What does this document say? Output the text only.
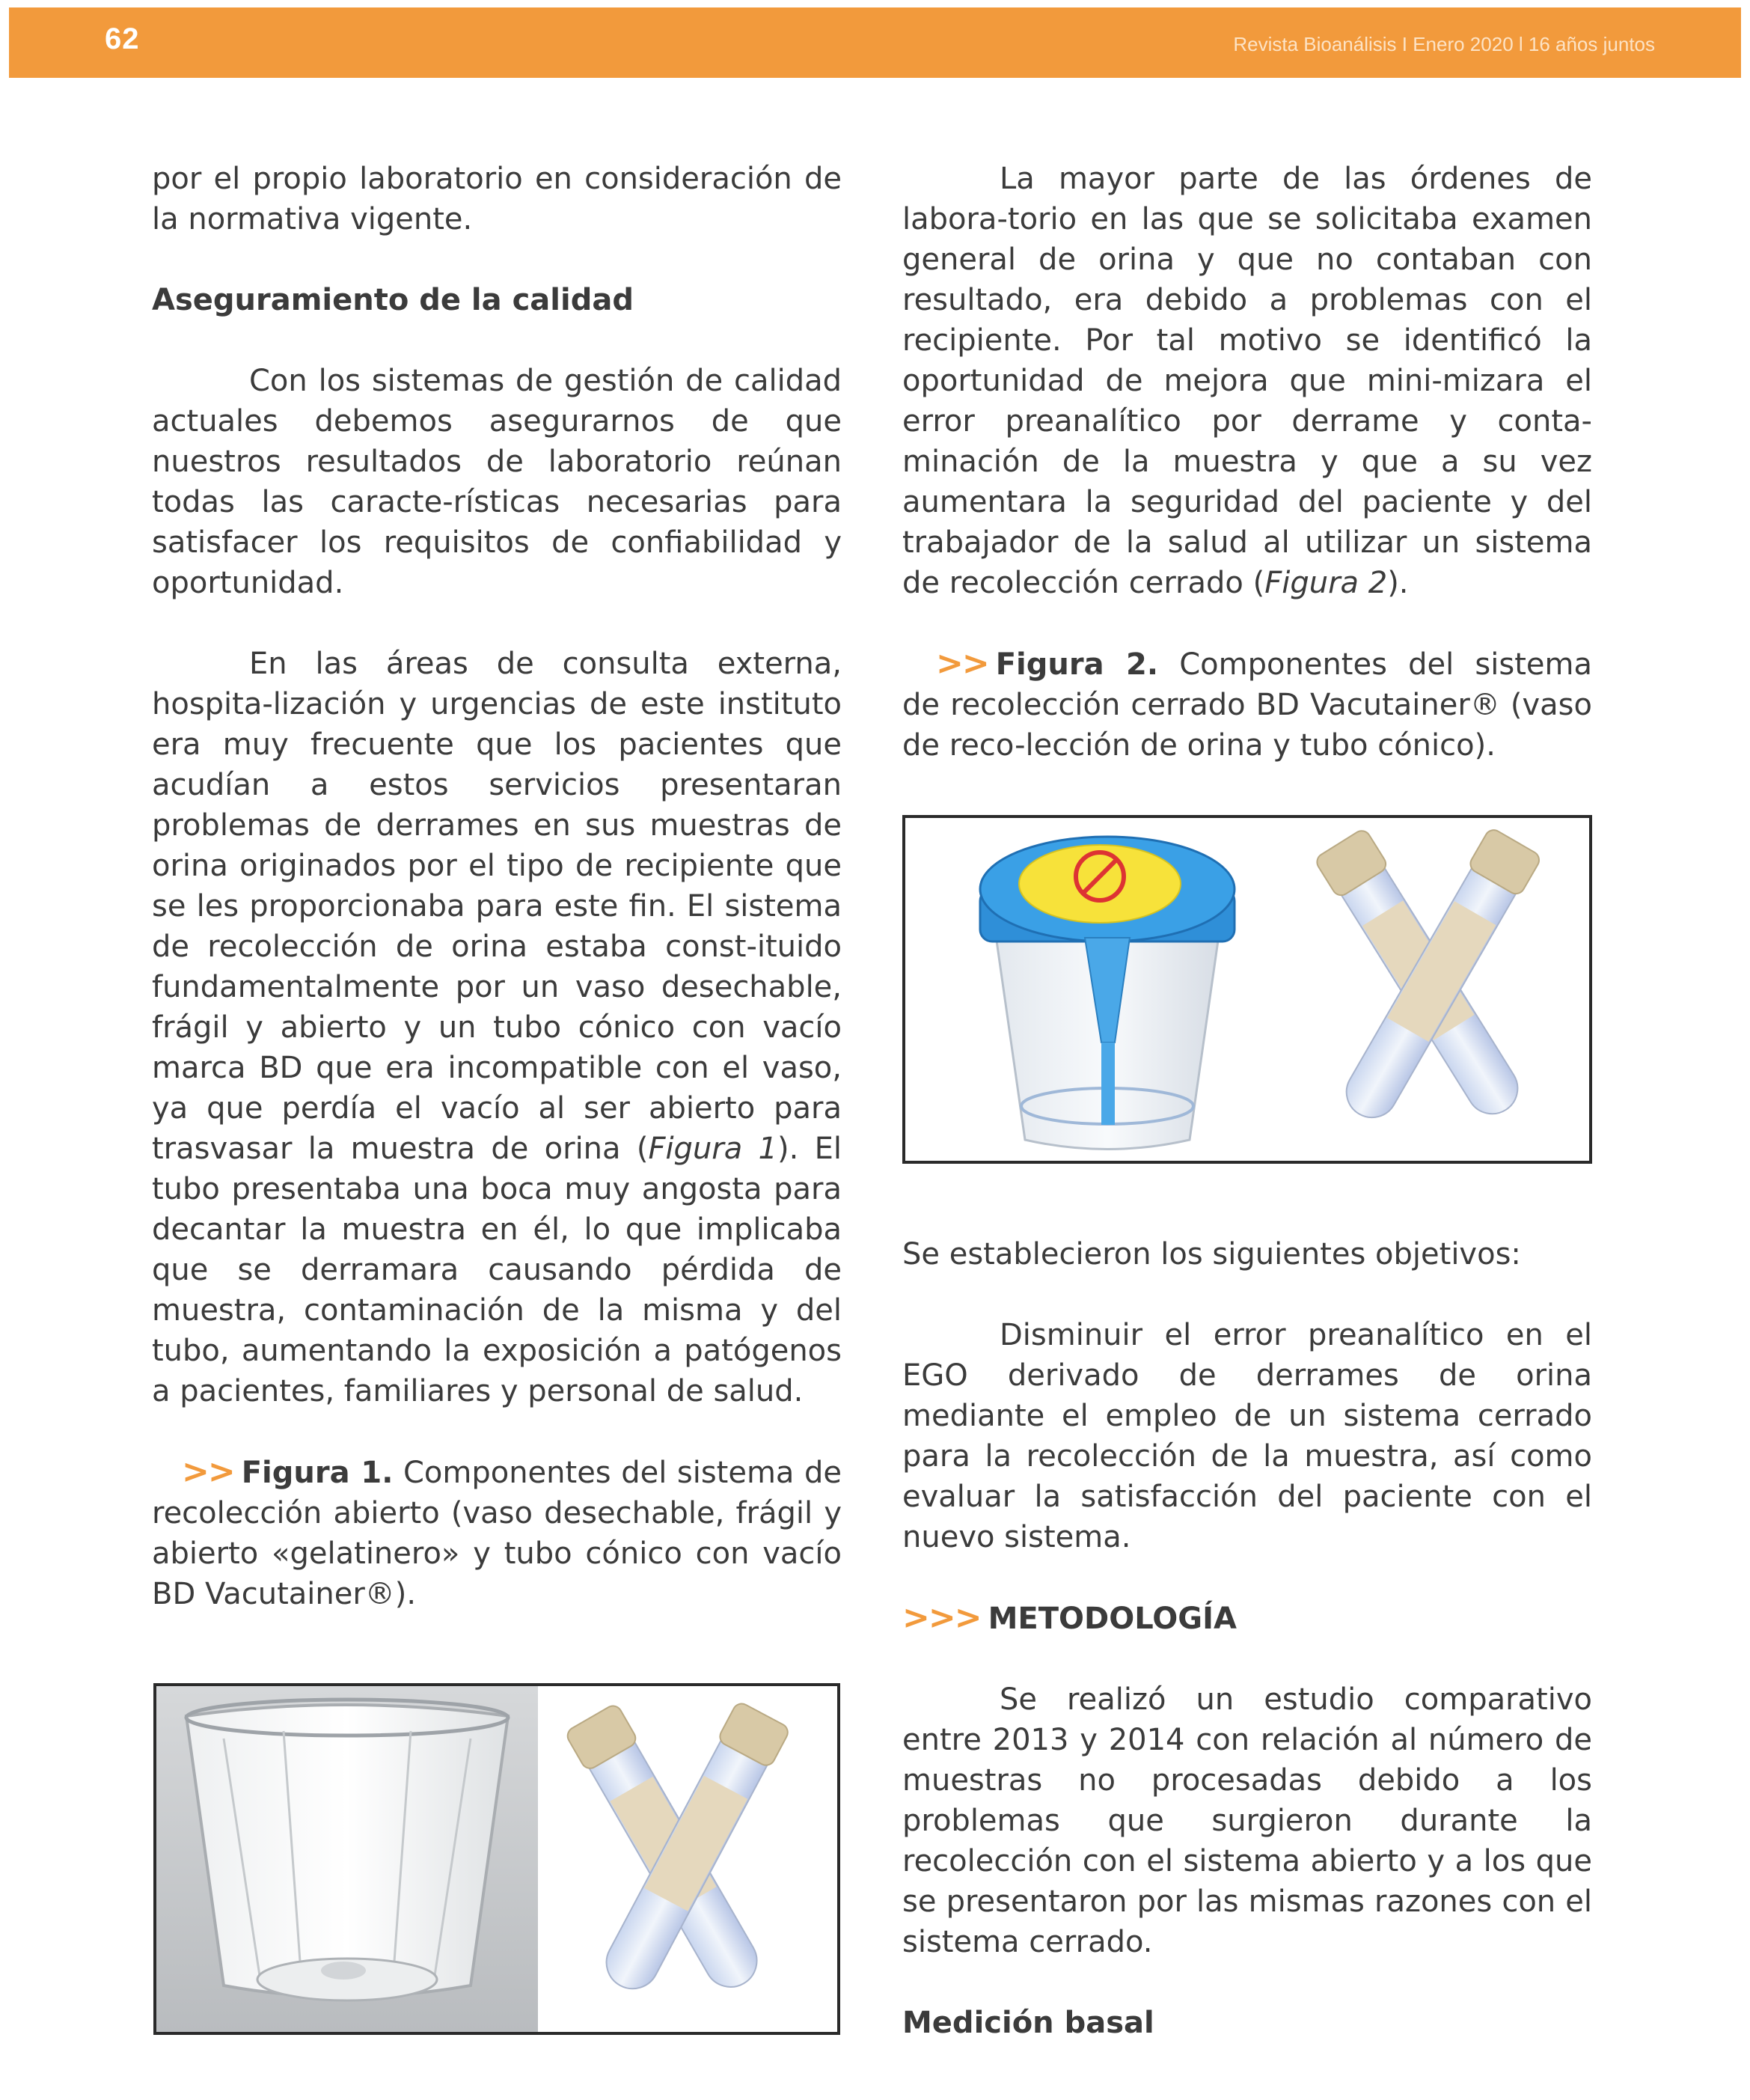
62	Revista Bioanálisis I Enero 2020 l 16 años juntos

por el propio laboratorio en consideración de la normativa vigente.

Aseguramiento de la calidad

Con los sistemas de gestión de calidad actuales debemos asegurarnos de que nuestros resultados de laboratorio reúnan todas las caracte-rísticas necesarias para satisfacer los requisitos de confiabilidad y oportunidad.

En las áreas de consulta externa, hospita-lización y urgencias de este instituto era muy frecuente que los pacientes que acudían a estos servicios presentaran problemas de derrames en sus muestras de orina originados por el tipo de recipiente que se les proporcionaba para este fin. El sistema de recolección de orina estaba const-ituido fundamentalmente por un vaso desechable, frágil y abierto y un tubo cónico con vacío marca BD que era incompatible con el vaso, ya que perdía el vacío al ser abierto para trasvasar la muestra de orina (Figura 1). El tubo presentaba una boca muy angosta para decantar la muestra en él, lo que implicaba que se derramara causando pérdida de muestra, contaminación de la misma y del tubo, aumentando la exposición a patógenos a pacientes, familiares y personal de salud.

>> Figura 1. Componentes del sistema de recolección abierto (vaso desechable, frágil y abierto «gelatinero» y tubo cónico con vacío BD Vacutainer®).

La mayor parte de las órdenes de labora-torio en las que se solicitaba examen general de orina y que no contaban con resultado, era debido a problemas con el recipiente. Por tal motivo se identificó la oportunidad de mejora que mini-mizara el error preanalítico por derrame y conta-minación de la muestra y que a su vez aumentara la seguridad del paciente y del trabajador de la salud al utilizar un sistema de recolección cerrado (Figura 2).

>> Figura 2. Componentes del sistema de recolección cerrado BD Vacutainer® (vaso de reco-lección de orina y tubo cónico).

Se establecieron los siguientes objetivos:

Disminuir el error preanalítico en el EGO derivado de derrames de orina mediante el empleo de un sistema cerrado para la recolección de la muestra, así como evaluar la satisfacción del paciente con el nuevo sistema.

>>> METODOLOGÍA

Se realizó un estudio comparativo entre 2013 y 2014 con relación al número de muestras no procesadas debido a los problemas que surgieron durante la recolección con el sistema abierto y a los que se presentaron por las mismas razones con el sistema cerrado.

Medición basal
